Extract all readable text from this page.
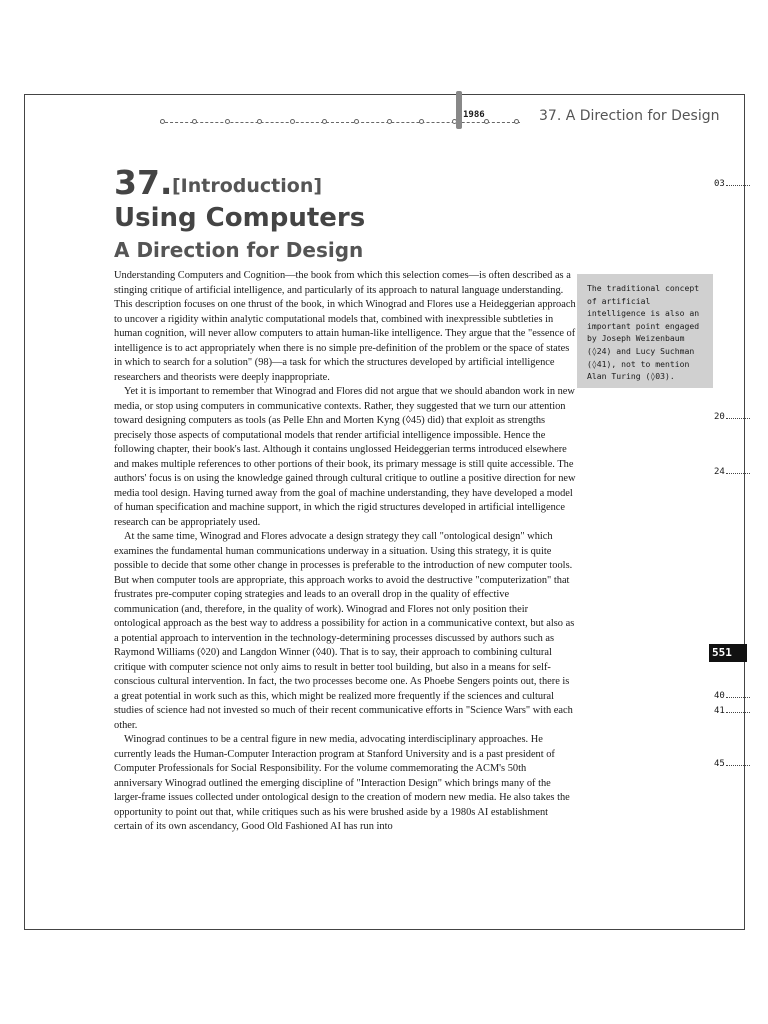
1986	37. A Direction for Design
37. [Introduction]
Using Computers
A Direction for Design

Understanding Computers and Cognition—the book from which this selection comes—is often described as a stinging critique of artificial intelligence, and particularly of its approach to natural language understanding. This description focuses on one thrust of the book, in which Winograd and Flores use a Heideggerian approach to uncover a rigidity within analytic computational models that, combined with inexpressible subtleties in human cognition, will never allow computers to attain human-like intelligence. They argue that the "essence of intelligence is to act appropriately when there is no simple pre-definition of the problem or the space of states in which to search for a solution" (98)—a task for which the structures developed by artificial intelligence researchers and theorists were deeply inappropriate.

Yet it is important to remember that Winograd and Flores did not argue that we should abandon work in new media, or stop using computers in communicative contexts. Rather, they suggested that we turn our attention toward designing computers as tools (as Pelle Ehn and Morten Kyng (◊45) did) that exploit as strengths precisely those aspects of computational models that render artificial intelligence impossible. Hence the following chapter, their book's last. Although it contains unglossed Heideggerian terms introduced elsewhere and makes multiple references to other portions of their book, its primary message is still quite accessible. The authors' focus is on using the knowledge gained through cultural critique to outline a positive direction for new media tool design. Having turned away from the goal of machine understanding, they have developed a model of human specification and machine support, in which the rigid structures developed in artificial intelligence research can be appropriately used.

At the same time, Winograd and Flores advocate a design strategy they call "ontological design" which examines the fundamental human communications underway in a situation. Using this strategy, it is quite possible to decide that some other change in processes is preferable to the introduction of new computer tools. But when computer tools are appropriate, this approach works to avoid the destructive "computerization" that frustrates pre-computer coping strategies and leads to an overall drop in the quality of effective communication (and, therefore, in the quality of work). Winograd and Flores not only position their ontological approach as the best way to address a possibility for action in a communicative context, but also as a potential approach to intervention in the technology-determining processes discussed by authors such as Raymond Williams (◊20) and Langdon Winner (◊40). That is to say, their approach to combining cultural critique with computer science not only aims to result in better tool building, but also in a means for self-conscious cultural intervention. In fact, the two processes become one. As Phoebe Sengers points out, there is a great potential in work such as this, which might be realized more frequently if the sciences and cultural studies of science had not invested so much of their recent communicative efforts in "Science Wars" with each other.

Winograd continues to be a central figure in new media, advocating interdisciplinary approaches. He currently leads the Human-Computer Interaction program at Stanford University and is a past president of Computer Professionals for Social Responsibility. For the volume commemorating the ACM's 50th anniversary Winograd outlined the emerging discipline of "Interaction Design" which brings many of the larger-frame issues collected under ontological design to the creation of modern new media. He also takes the opportunity to point out that, while critiques such as his were brushed aside by a 1980s AI establishment certain of its own ascendancy, Good Old Fashioned AI has run into

The traditional concept of artificial intelligence is also an important point engaged by Joseph Weizenbaum (◊24) and Lucy Suchman (◊41), not to mention Alan Turing (◊03).
03
20
24
40
41
45
551
